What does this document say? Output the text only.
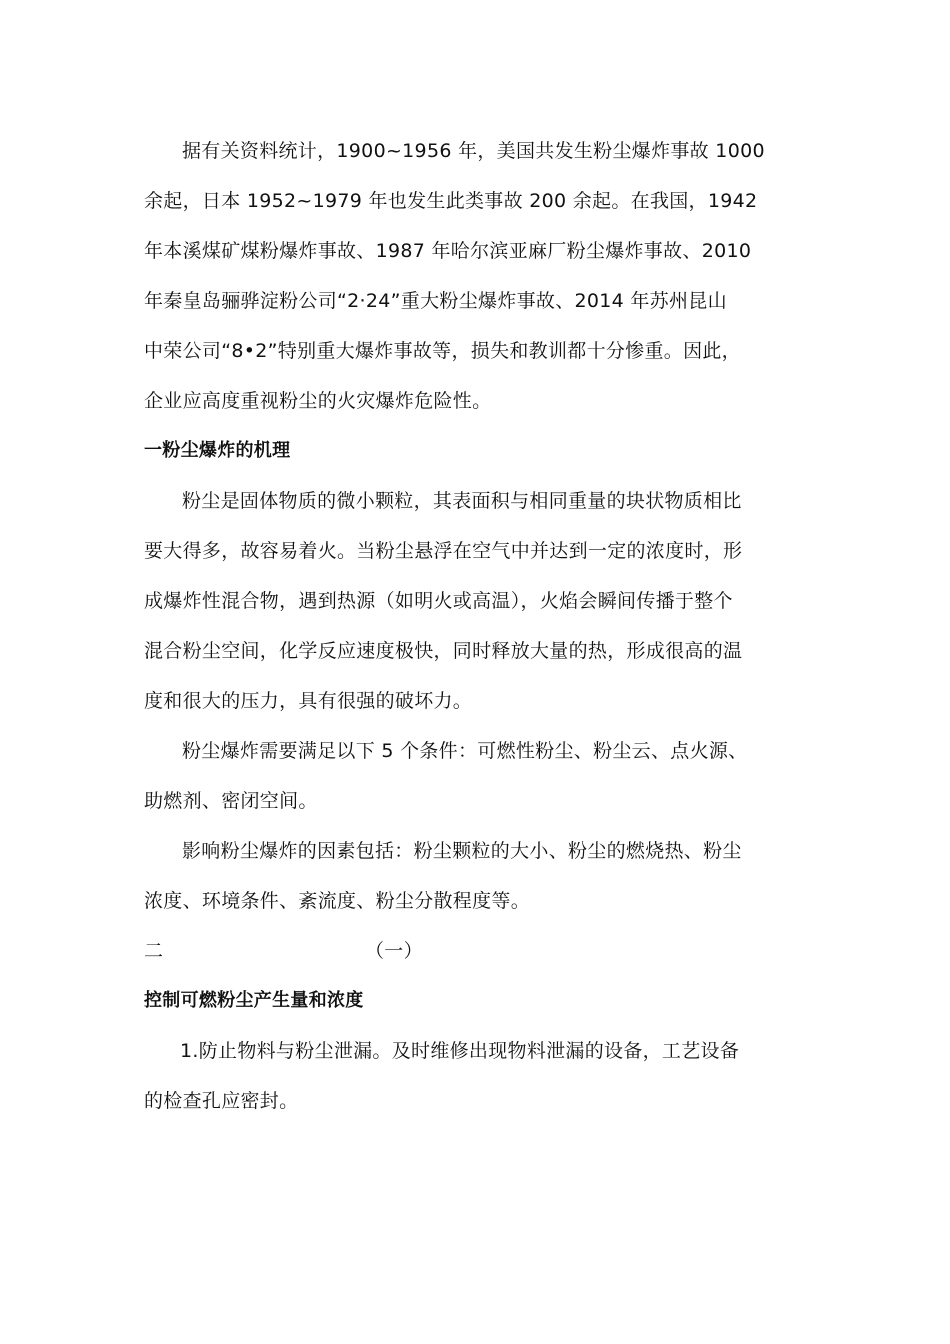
据有关资料统计，1900~1956 年，美国共发生粉尘爆炸事故 1000
余起，日本 1952~1979 年也发生此类事故 200 余起。在我国，1942
年本溪煤矿煤粉爆炸事故、1987 年哈尔滨亚麻厂粉尘爆炸事故、2010
年秦皇岛骊骅淀粉公司“2·24”重大粉尘爆炸事故、2014 年苏州昆山
中荣公司“8•2”特别重大爆炸事故等，损失和教训都十分惨重。因此，
企业应高度重视粉尘的火灾爆炸危险性。
一粉尘爆炸的机理
粉尘是固体物质的微小颗粒，其表面积与相同重量的块状物质相比
要大得多，故容易着火。当粉尘悬浮在空气中并达到一定的浓度时，形
成爆炸性混合物，遇到热源（如明火或高温），火焰会瞬间传播于整个
混合粉尘空间，化学反应速度极快，同时释放大量的热，形成很高的温
度和很大的压力，具有很强的破坏力。
粉尘爆炸需要满足以下 5 个条件：可燃性粉尘、粉尘云、点火源、
助燃剂、密闭空间。
影响粉尘爆炸的因素包括：粉尘颗粒的大小、粉尘的燃烧热、粉尘
浓度、环境条件、紊流度、粉尘分散程度等。
二	（一）
控制可燃粉尘产生量和浓度
1.防止物料与粉尘泄漏。及时维修出现物料泄漏的设备，工艺设备
的检查孔应密封。
